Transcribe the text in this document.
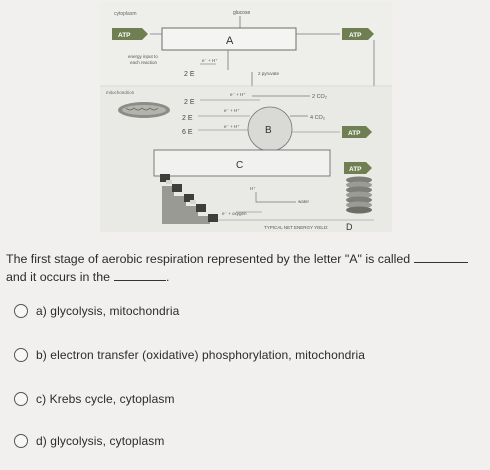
cytoplasm	glucose
ATP
energy input to
each reaction
A	ATP
e⁻ + H⁺
2 E	2 pyruvate
mitochondrion
2 E
e⁻ + H⁺	2 CO₂
2 E
e⁻ + H⁺
4 CO₂
6 E
e⁻ + H⁺	B	ATP
C
H⁺
water
e⁻ + oxygen
ATP
TYPICAL NET ENERGY YIELD: D
The first stage of aerobic respiration represented by the letter "A" is called
and it occurs in the	.
a) glycolysis, mitochondria
b) electron transfer (oxidative) phosphorylation, mitochondria
c) Krebs cycle, cytoplasm
d) glycolysis, cytoplasm
